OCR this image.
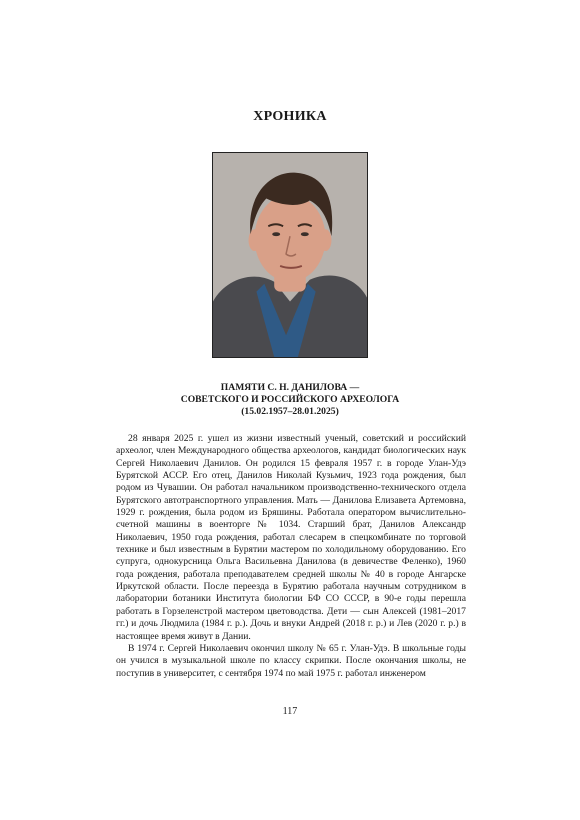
ХРОНИКА
ПАМЯТИ С. Н. ДАНИЛОВА —
СОВЕТСКОГО И РОССИЙСКОГО АРХЕОЛОГА
(15.02.1957–28.01.2025)

28 января 2025 г. ушел из жизни известный ученый, советский и российский археолог, член Международного общества археологов, кандидат биологических наук Сергей Николаевич Данилов. Он родился 15 февраля 1957 г. в городе Улан-Удэ Бурятской АССР. Его отец, Данилов Николай Кузьмич, 1923 года рождения, был родом из Чувашии. Он работал начальником производственно-технического отдела Бурятского автотранспортного управления. Мать — Данилова Елизавета Артемовна, 1929 г. рождения, была родом из Бряшины. Работала оператором вычислительно-счетной машины в военторге № 1034. Старший брат, Данилов Александр Николаевич, 1950 года рождения, работал слесарем в спецкомбинате по торговой технике и был известным в Бурятии мастером по холодильному оборудованию. Его супруга, однокурсница Ольга Васильевна Данилова (в девичестве Феленко), 1960 года рождения, работала преподавателем средней школы № 40 в городе Ангарске Иркутской области. После переезда в Бурятию работала научным сотрудником в лаборатории ботаники Института биологии БФ СО СССР, в 90-е годы перешла работать в Горзеленстрой мастером цветоводства. Дети — сын Алексей (1981–2017 гг.) и дочь Людмила (1984 г. р.). Дочь и внуки Андрей (2018 г. р.) и Лев (2020 г. р.) в настоящее время живут в Дании.

В 1974 г. Сергей Николаевич окончил школу № 65 г. Улан-Удэ. В школьные годы он учился в музыкальной школе по классу скрипки. После окончания школы, не поступив в университет, с сентября 1974 по май 1975 г. работал инженером

117
